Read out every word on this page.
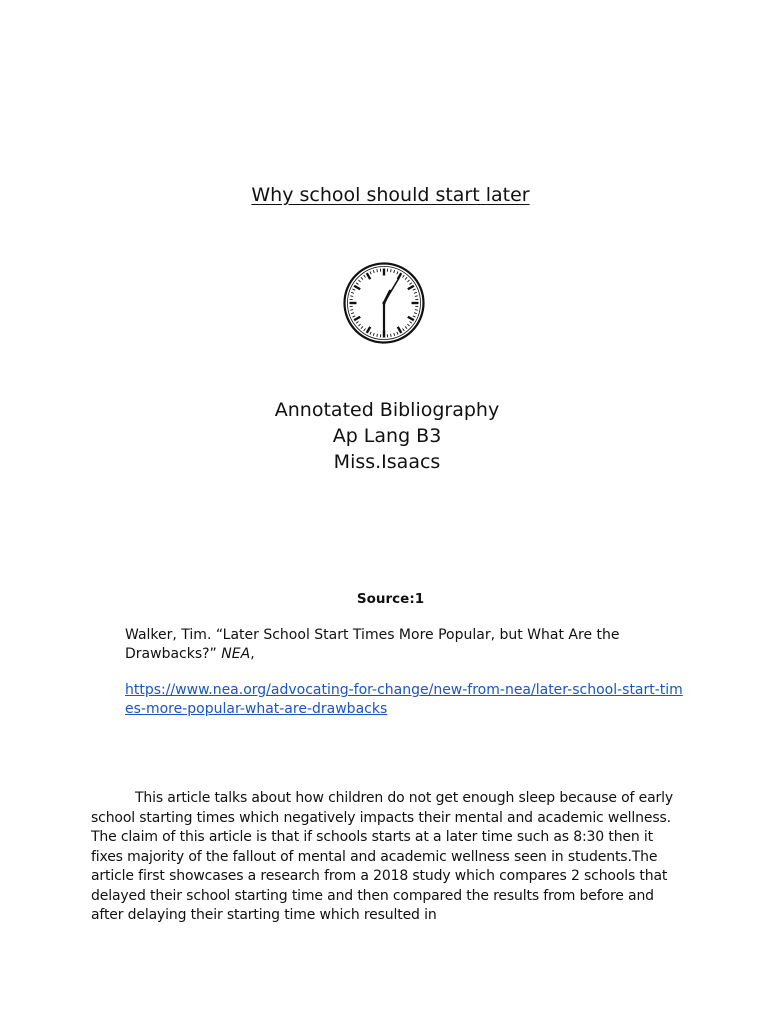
Why school should start later
Annotated Bibliography
Ap Lang B3
Miss.Isaacs
Source:1
Walker, Tim. “Later School Start Times More Popular, but What Are the Drawbacks?” NEA,
https://www.nea.org/advocating-for-change/new-from-nea/later-school-start-times-more-popular-what-are-drawbacks
This article talks about how children do not get enough sleep because of early school starting times which negatively impacts their mental and academic wellness. The claim of this article is that if schools starts at a later time such as 8:30 then it fixes majority of the fallout of mental and academic wellness seen in students.The article first showcases a research from a 2018 study which compares 2 schools that delayed their school starting time and then compared the results from before and after delaying their starting time which resulted in
